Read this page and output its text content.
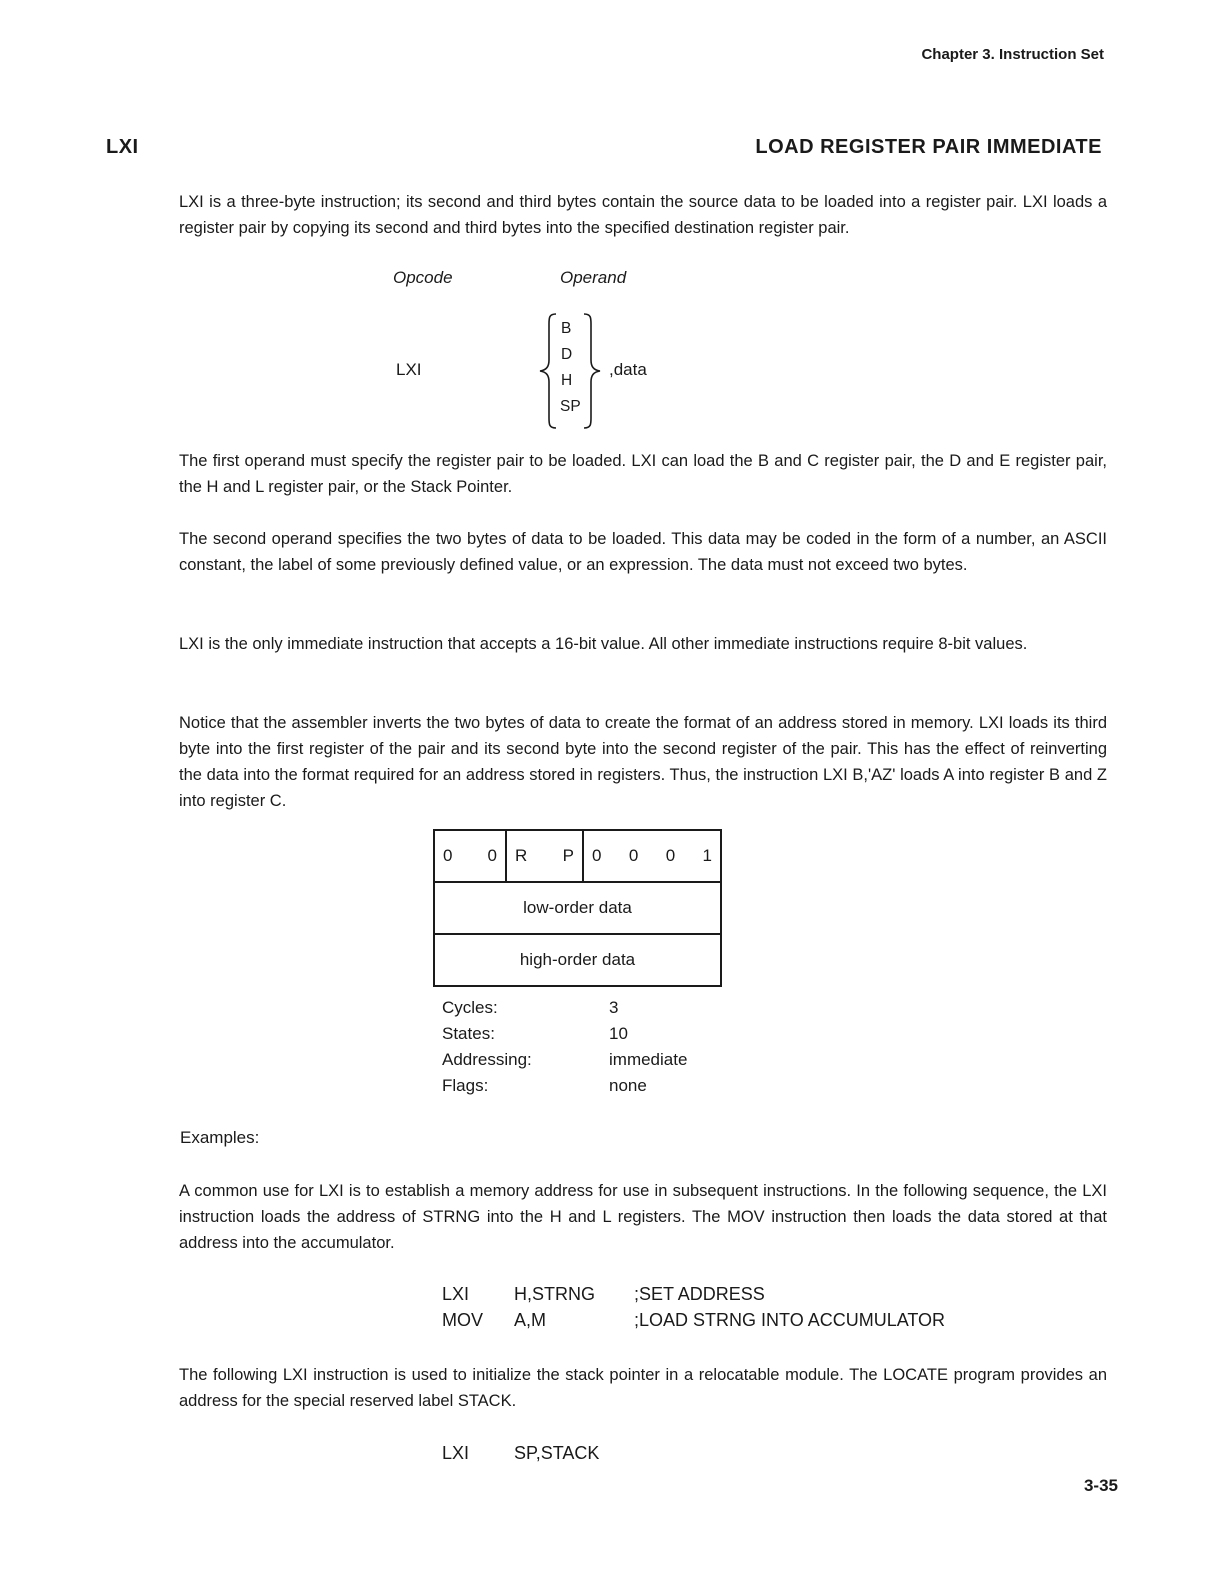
Chapter 3. Instruction Set
LXI	LOAD REGISTER PAIR IMMEDIATE

LXI is a three-byte instruction; its second and third bytes contain the source data to be loaded into a register pair. LXI loads a register pair by copying its second and third bytes into the specified destination register pair.

Opcode	Operand
LXI
B
D
H
SP
,data

The first operand must specify the register pair to be loaded. LXI can load the B and C register pair, the D and E register pair, the H and L register pair, or the Stack Pointer.

The second operand specifies the two bytes of data to be loaded. This data may be coded in the form of a number, an ASCII constant, the label of some previously defined value, or an expression. The data must not exceed two bytes.

LXI is the only immediate instruction that accepts a 16-bit value. All other immediate instructions require 8-bit values.

Notice that the assembler inverts the two bytes of data to create the format of an address stored in memory. LXI loads its third byte into the first register of the pair and its second byte into the second register of the pair. This has the effect of reinverting the data into the format required for an address stored in registers. Thus, the instruction LXI B,'AZ' loads A into register B and Z into register C.

0 0	R P	0 0 0 1
low-order data
high-order data
Cycles:	3
States:	10
Addressing:	immediate
Flags:	none
Examples:

A common use for LXI is to establish a memory address for use in subsequent instructions. In the following sequence, the LXI instruction loads the address of STRNG into the H and L registers. The MOV instruction then loads the data stored at that address into the accumulator.

LXI H,STRNG ;SET ADDRESS
MOV A,M	;LOAD STRNG INTO ACCUMULATOR

The following LXI instruction is used to initialize the stack pointer in a relocatable module. The LOCATE program provides an address for the special reserved label STACK.

LXI SP,STACK
3-35
